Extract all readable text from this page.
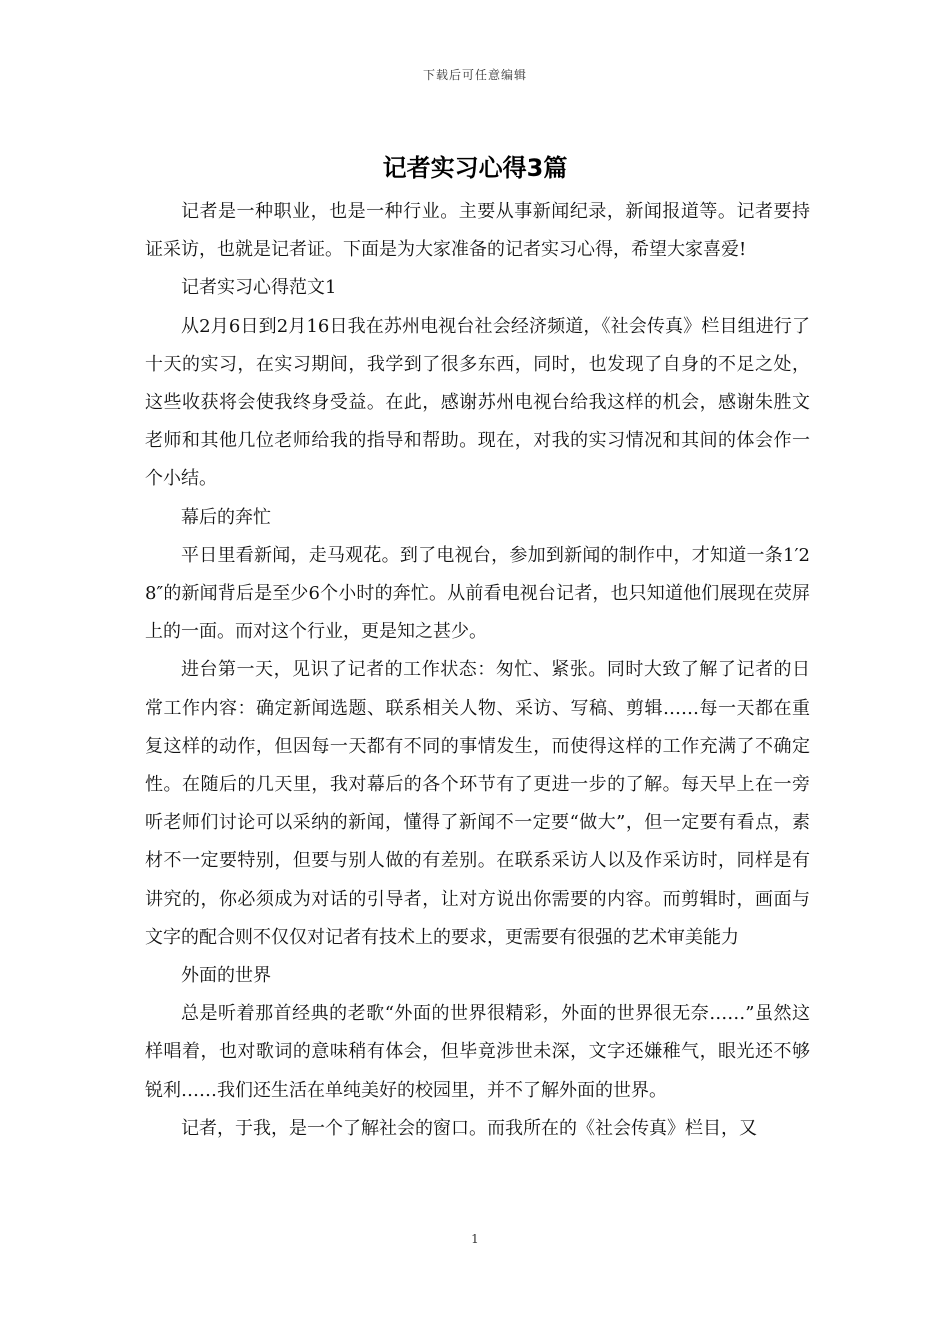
下载后可任意编辑
记者实习心得3篇

记者是一种职业，也是一种行业。主要从事新闻纪录，新闻报道等。记者要持证采访，也就是记者证。下面是为大家准备的记者实习心得，希望大家喜爱!

记者实习心得范文1

从2月6日到2月16日我在苏州电视台社会经济频道，《社会传真》栏目组进行了十天的实习，在实习期间，我学到了很多东西，同时，也发现了自身的不足之处，这些收获将会使我终身受益。在此，感谢苏州电视台给我这样的机会，感谢朱胜文老师和其他几位老师给我的指导和帮助。现在，对我的实习情况和其间的体会作一个小结。

幕后的奔忙

平日里看新闻，走马观花。到了电视台，参加到新闻的制作中，才知道一条1′28″的新闻背后是至少6个小时的奔忙。从前看电视台记者，也只知道他们展现在荧屏上的一面。而对这个行业，更是知之甚少。

进台第一天，见识了记者的工作状态：匆忙、紧张。同时大致了解了记者的日常工作内容：确定新闻选题、联系相关人物、采访、写稿、剪辑……每一天都在重复这样的动作，但因每一天都有不同的事情发生，而使得这样的工作充满了不确定性。在随后的几天里，我对幕后的各个环节有了更进一步的了解。每天早上在一旁听老师们讨论可以采纳的新闻，懂得了新闻不一定要“做大”，但一定要有看点，素材不一定要特别，但要与别人做的有差别。在联系采访人以及作采访时，同样是有讲究的，你必须成为对话的引导者，让对方说出你需要的内容。而剪辑时，画面与文字的配合则不仅仅对记者有技术上的要求，更需要有很强的艺术审美能力

外面的世界

总是听着那首经典的老歌“外面的世界很精彩，外面的世界很无奈……”虽然这样唱着，也对歌词的意味稍有体会，但毕竟涉世未深，文字还嫌稚气，眼光还不够锐利……我们还生活在单纯美好的校园里，并不了解外面的世界。

记者，于我，是一个了解社会的窗口。而我所在的《社会传真》栏目，又

1
